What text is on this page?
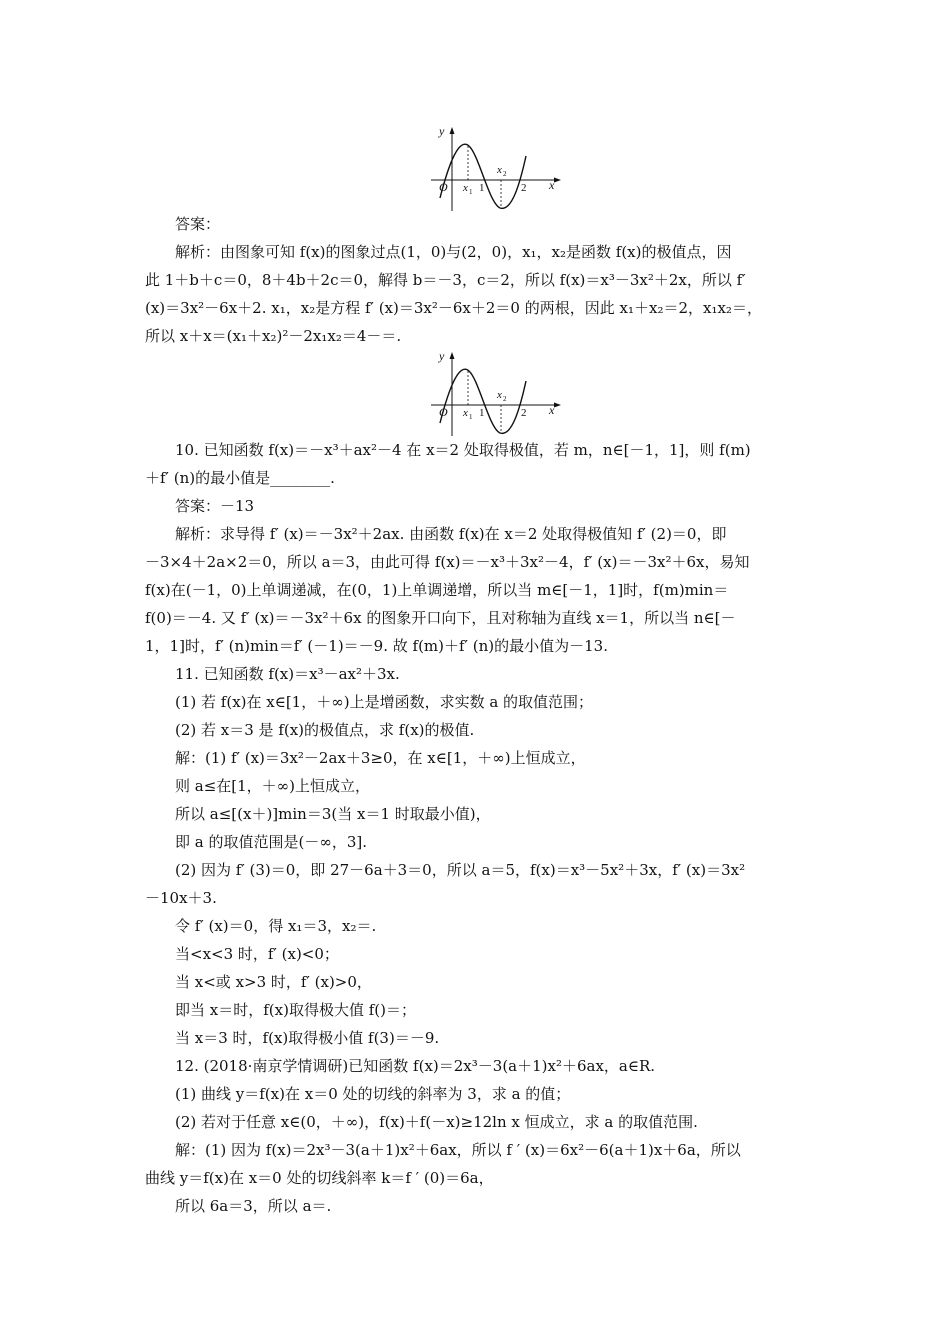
y
x
O x 1 1
x 2
2
y
x
O x 1 1
x 2
2
答案：
解析：由图象可知 f(x)的图象过点(1，0)与(2，0)，x₁，x₂是函数 f(x)的极值点，因
此 1＋b＋c＝0，8＋4b＋2c＝0，解得 b＝－3，c＝2，所以 f(x)＝x³－3x²＋2x，所以 f′
(x)＝3x²－6x＋2. x₁，x₂是方程 f′ (x)＝3x²－6x＋2＝0 的两根，因此 x₁＋x₂＝2，x₁x₂＝，
所以 x＋x＝(x₁＋x₂)²－2x₁x₂＝4－＝.
10. 已知函数 f(x)＝－x³＋ax²－4 在 x＝2 处取得极值，若 m，n∈[－1，1]，则 f(m)
＋f′ (n)的最小值是________.
答案：－13
解析：求导得 f′ (x)＝－3x²＋2ax. 由函数 f(x)在 x＝2 处取得极值知 f′ (2)＝0，即
－3×4＋2a×2＝0，所以 a＝3，由此可得 f(x)＝－x³＋3x²－4，f′ (x)＝－3x²＋6x，易知
f(x)在(－1，0)上单调递减，在(0，1)上单调递增，所以当 m∈[－1，1]时，f(m)min＝
f(0)＝－4. 又 f′ (x)＝－3x²＋6x 的图象开口向下，且对称轴为直线 x＝1，所以当 n∈[－
1，1]时，f′ (n)min＝f′ (－1)＝－9. 故 f(m)＋f′ (n)的最小值为－13.
11. 已知函数 f(x)＝x³－ax²＋3x.
(1) 若 f(x)在 x∈[1，＋∞)上是增函数，求实数 a 的取值范围；
(2) 若 x＝3 是 f(x)的极值点，求 f(x)的极值.
解：(1) f′ (x)＝3x²－2ax＋3≥0，在 x∈[1，＋∞)上恒成立，
则 a≤在[1，＋∞)上恒成立，
所以 a≤[(x＋)]min＝3(当 x＝1 时取最小值)，
即 a 的取值范围是(－∞，3].
(2) 因为 f′ (3)＝0，即 27－6a＋3＝0，所以 a＝5，f(x)＝x³－5x²＋3x，f′ (x)＝3x²
－10x＋3.
令 f′ (x)＝0，得 x₁＝3，x₂＝.
当<x<3 时，f′ (x)<0；
当 x<或 x>3 时，f′ (x)>0，
即当 x＝时，f(x)取得极大值 f()＝；
当 x＝3 时，f(x)取得极小值 f(3)＝－9.
12. (2018·南京学情调研)已知函数 f(x)＝2x³－3(a＋1)x²＋6ax，a∈R.
(1) 曲线 y＝f(x)在 x＝0 处的切线的斜率为 3，求 a 的值；
(2) 若对于任意 x∈(0，＋∞)，f(x)＋f(－x)≥12ln x 恒成立，求 a 的取值范围.
解：(1) 因为 f(x)＝2x³－3(a＋1)x²＋6ax，所以 f ′ (x)＝6x²－6(a＋1)x＋6a，所以
曲线 y＝f(x)在 x＝0 处的切线斜率 k＝f ′ (0)＝6a，
所以 6a＝3，所以 a＝.
